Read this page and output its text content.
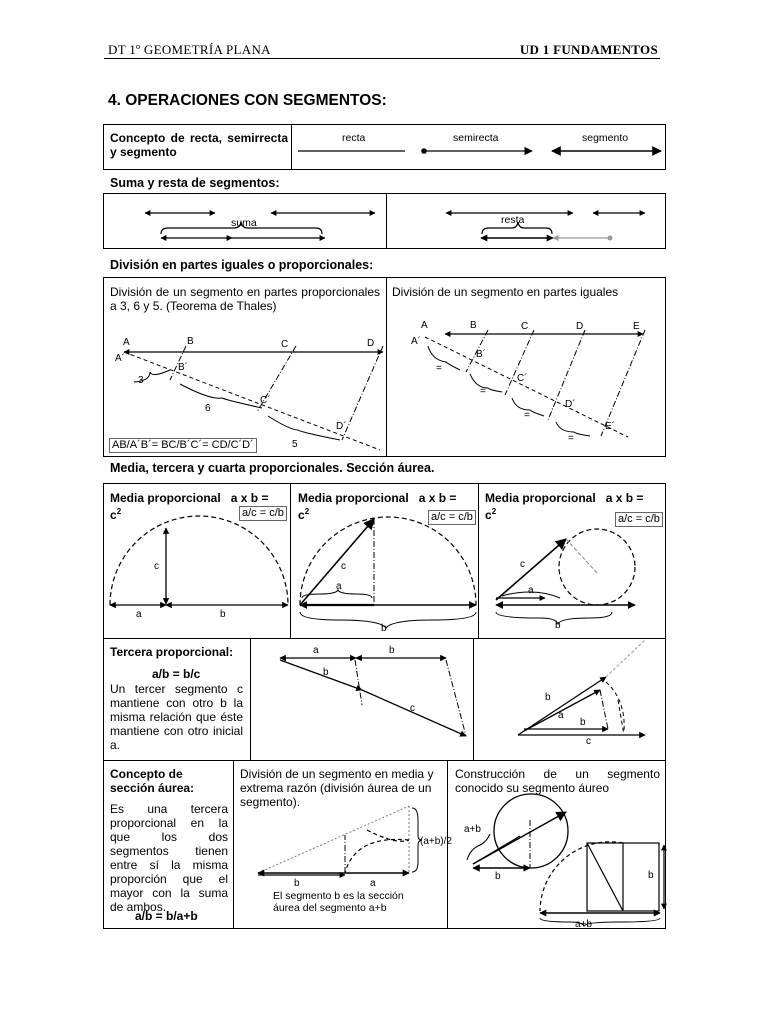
DT 1º GEOMETRÍA PLANA	UD 1 FUNDAMENTOS
4. OPERACIONES CON SEGMENTOS:
Concepto de recta, semirrecta y segmento
recta	semirecta	segmento
Suma y resta de segmentos:
suma	resta
División en partes iguales o proporcionales:
División de un segmento en partes proporcionales a 3, 6 y 5. (Teorema de Thales)
División de un segmento en partes iguales
AB/A´B´= BC/B´C´= CD/C´D´
A
A´
B
B´
C
C´
D
D´
3
6
5
A
A´
B
B´
C
C´
D
D´
E
E´
=
=
=
=
Media, tercera y cuarta proporcionales. Sección áurea.
Media proporcional a x b =
$c^2$	a/c = c/b
Media proporcional a x b =
$c^2$	a/c = c/b
Media proporcional a x b =
$c^2$
a/c = c/b
c
a	b
c
a
b
c
a
b
Tercera proporcional:
a/b = b/c
Un tercer segmento c mantiene con otro b la misma relación que éste mantiene con otro inicial a.
a	b
b
c
b
a
b
c
Concepto de sección áurea:
Es una tercera proporcional en la que los dos segmentos tienen entre sí la misma proporción que el mayor con la suma de ambos.
a/b = b/a+b
División de un segmento en media y extrema razón (división áurea de un segmento).
El segmento b es la sección áurea del segmento a+b
Construcción de un segmento conocido su segmento áureo
(a+b)/2
b	a
a+b
b	b
a+b
